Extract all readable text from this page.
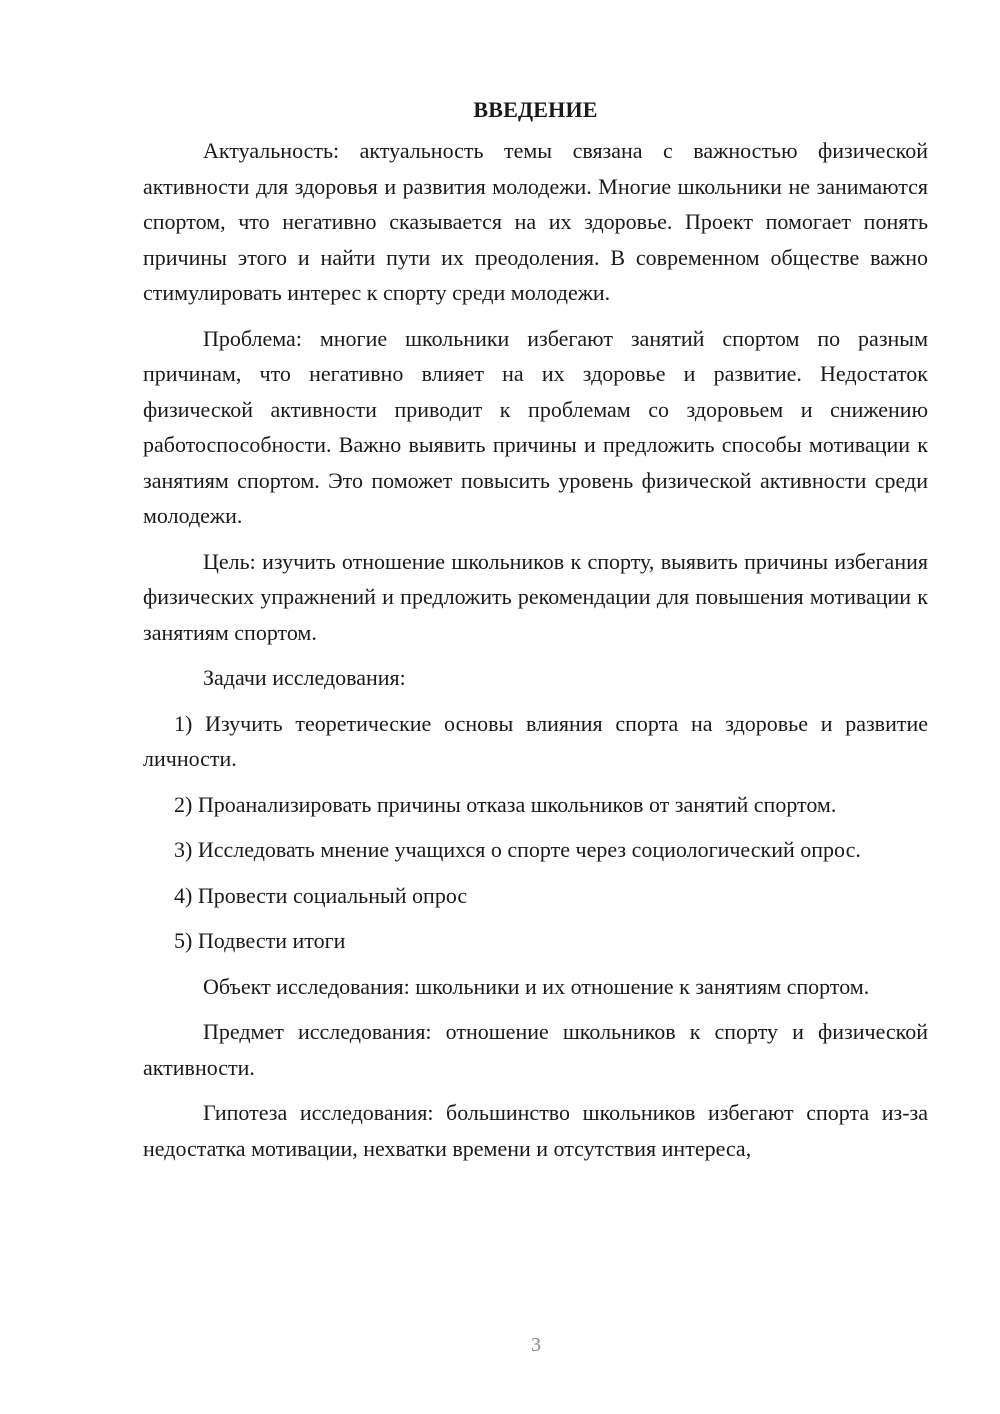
ВВЕДЕНИЕ

Актуальность: актуальность темы связана с важностью физической активности для здоровья и развития молодежи. Многие школьники не занимаются спортом, что негативно сказывается на их здоровье. Проект помогает понять причины этого и найти пути их преодоления. В современном обществе важно стимулировать интерес к спорту среди молодежи.

Проблема: многие школьники избегают занятий спортом по разным причинам, что негативно влияет на их здоровье и развитие. Недостаток физической активности приводит к проблемам со здоровьем и снижению работоспособности. Важно выявить причины и предложить способы мотивации к занятиям спортом. Это поможет повысить уровень физической активности среди молодежи.

Цель: изучить отношение школьников к спорту, выявить причины избегания физических упражнений и предложить рекомендации для повышения мотивации к занятиям спортом.

Задачи исследования:

1) Изучить теоретические основы влияния спорта на здоровье и развитие личности.

2) Проанализировать причины отказа школьников от занятий спортом.

3) Исследовать мнение учащихся о спорте через социологический опрос.

4) Провести социальный опрос

5) Подвести итоги

Объект исследования: школьники и их отношение к занятиям спортом.

Предмет исследования: отношение школьников к спорту и физической активности.

Гипотеза исследования: большинство школьников избегают спорта из-за недостатка мотивации, нехватки времени и отсутствия интереса,

3
